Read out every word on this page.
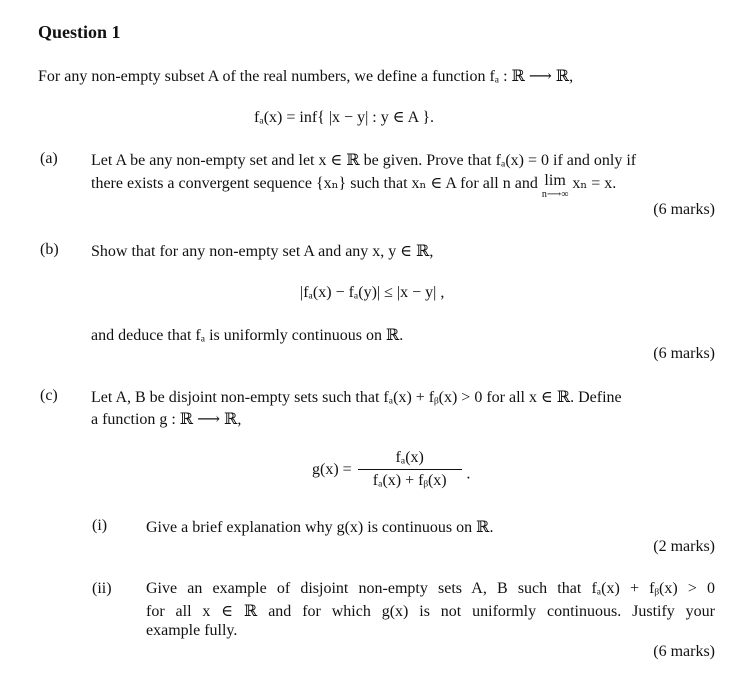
Question 1
For any non-empty subset A of the real numbers, we define a function fₐ : ℝ ⟶ ℝ,
fₐ(x) = inf{ |x − y| : y ∈ A }.
(a) Let A be any non-empty set and let x ∈ ℝ be given. Prove that fₐ(x) = 0 if and only if
there exists a convergent sequence {xₙ} such that xₙ ∈ A for all n and lim
n⟶∞
xₙ = x.
(6 marks)
(b) Show that for any non-empty set A and any x, y ∈ ℝ,
|fₐ(x) − fₐ(y)| ≤ |x − y| ,
and deduce that fₐ is uniformly continuous on ℝ.
(6 marks)
(c) Let A, B be disjoint non-empty sets such that fₐ(x) + fᵦ(x) > 0 for all x ∈ ℝ. Define
a function g : ℝ ⟶ ℝ,
$g(x) = \frac{\text{fₐ(x)}}{\text{fₐ(x) + fᵦ(x)}}$ ·
(i) Give a brief explanation why g(x) is continuous on ℝ.
(2 marks)
(ii) Give an example of disjoint non-empty sets A, B such that fₐ(x) + fᵦ(x) > 0
for all x ∈ ℝ and for which g(x) is not uniformly continuous. Justify your
example fully.
(6 marks)
